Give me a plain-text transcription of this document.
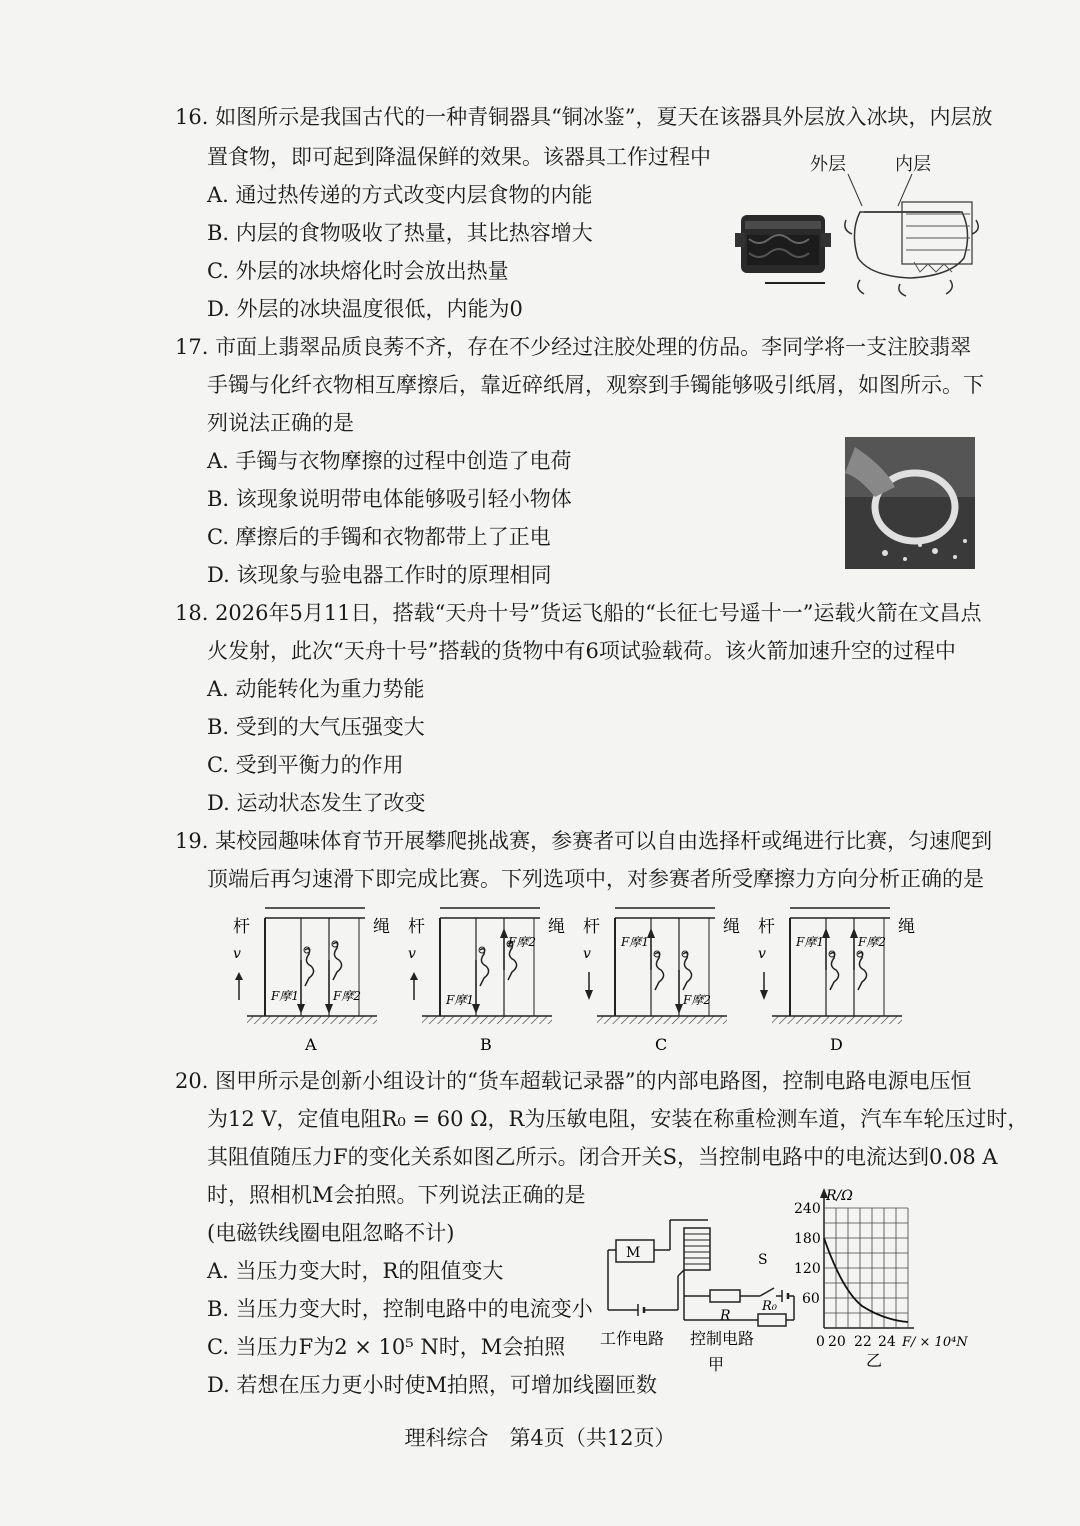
16. 如图所示是我国古代的一种青铜器具“铜冰鉴”，夏天在该器具外层放入冰块，内层放
置食物，即可起到降温保鲜的效果。该器具工作过程中
A. 通过热传递的方式改变内层食物的内能
B. 内层的食物吸收了热量，其比热容增大
C. 外层的冰块熔化时会放出热量
D. 外层的冰块温度很低，内能为0
外层	内层
17. 市面上翡翠品质良莠不齐，存在不少经过注胶处理的仿品。李同学将一支注胶翡翠
手镯与化纤衣物相互摩擦后，靠近碎纸屑，观察到手镯能够吸引纸屑，如图所示。下
列说法正确的是
A. 手镯与衣物摩擦的过程中创造了电荷
B. 该现象说明带电体能够吸引轻小物体
C. 摩擦后的手镯和衣物都带上了正电
D. 该现象与验电器工作时的原理相同
18. 2026年5月11日，搭载“天舟十号”货运飞船的“长征七号遥十一”运载火箭在文昌点
火发射，此次“天舟十号”搭载的货物中有6项试验载荷。该火箭加速升空的过程中
A. 动能转化为重力势能
B. 受到的大气压强变大
C. 受到平衡力的作用
D. 运动状态发生了改变
19. 某校园趣味体育节开展攀爬挑战赛，参赛者可以自由选择杆或绳进行比赛，匀速爬到
顶端后再匀速滑下即完成比赛。下列选项中，对参赛者所受摩擦力方向分析正确的是
杆	绳
v
F摩1	F摩2
A
杆	绳
v
F摩1
F摩2
B
杆	绳
v
F摩1
F摩2
C
杆	绳
v
F摩1	F摩2
D
20. 图甲所示是创新小组设计的“货车超载记录器”的内部电路图，控制电路电源电压恒
为12 V，定值电阻R₀ = 60 Ω，R为压敏电阻，安装在称重检测车道，汽车车轮压过时，
其阻值随压力F的变化关系如图乙所示。闭合开关S，当控制电路中的电流达到0.08 A
时，照相机M会拍照。下列说法正确的是
(电磁铁线圈电阻忽略不计)
A. 当压力变大时，R的阻值变大
B. 当压力变大时，控制电路中的电流变小
C. 当压力F为2 × 10⁵ N时，M会拍照
D. 若想在压力更小时使M拍照，可增加线圈匝数
M
R
S
R₀
工作电路 控制电路
甲
R/Ω
240
180
120
60
0 20 22 24 F/ × 10⁴N
乙
理科综合　第4页（共12页）
